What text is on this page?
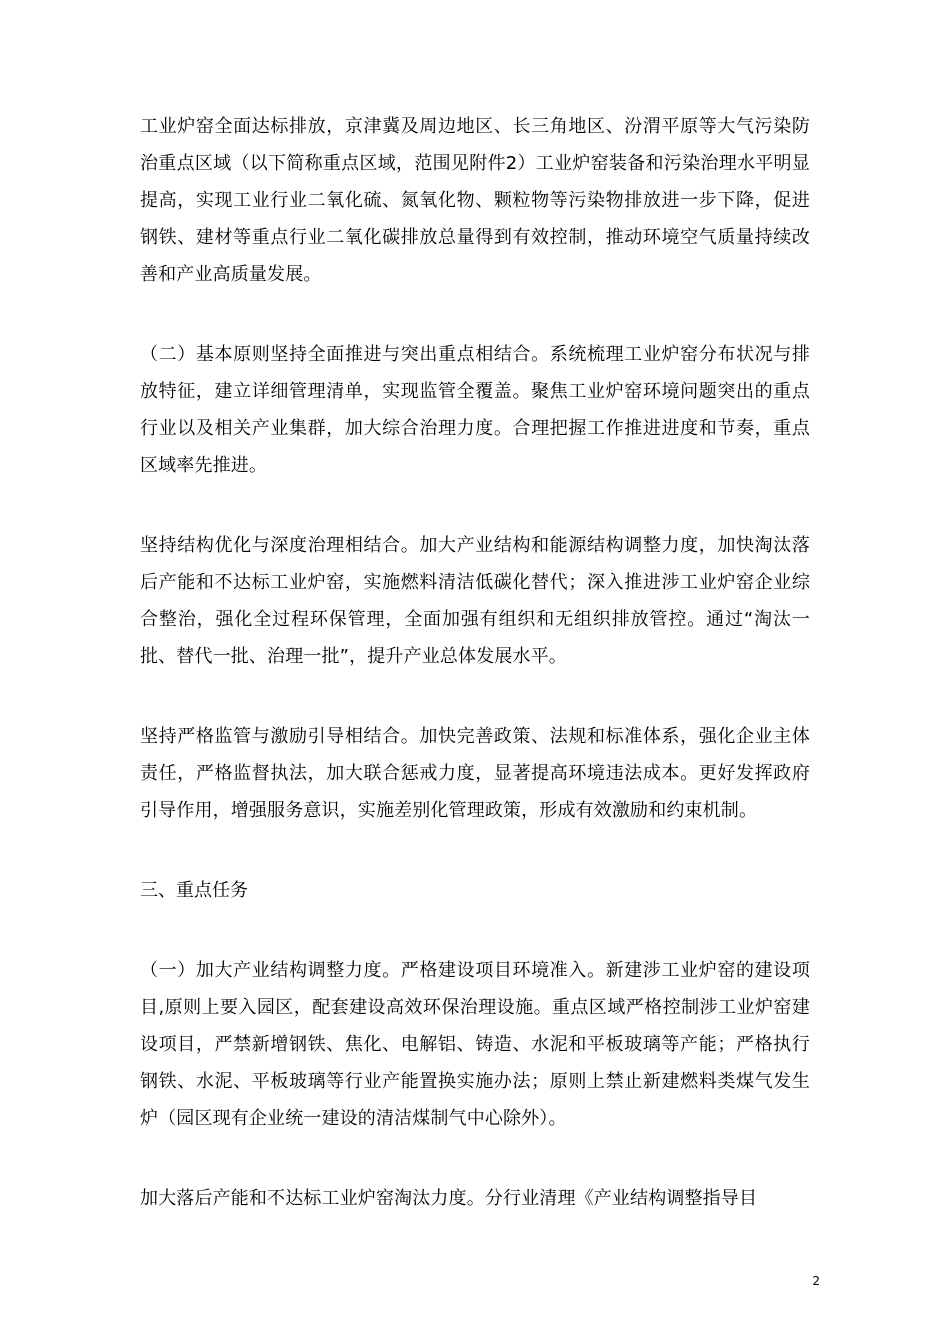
工业炉窑全面达标排放，京津冀及周边地区、长三角地区、汾渭平原等大气污染防治重点区域（以下简称重点区域，范围见附件2）工业炉窑装备和污染治理水平明显提高，实现工业行业二氧化硫、氮氧化物、颗粒物等污染物排放进一步下降，促进钢铁、建材等重点行业二氧化碳排放总量得到有效控制，推动环境空气质量持续改善和产业高质量发展。

（二）基本原则坚持全面推进与突出重点相结合。系统梳理工业炉窑分布状况与排放特征，建立详细管理清单，实现监管全覆盖。聚焦工业炉窑环境问题突出的重点行业以及相关产业集群，加大综合治理力度。合理把握工作推进进度和节奏，重点区域率先推进。

坚持结构优化与深度治理相结合。加大产业结构和能源结构调整力度，加快淘汰落后产能和不达标工业炉窑，实施燃料清洁低碳化替代；深入推进涉工业炉窑企业综合整治，强化全过程环保管理，全面加强有组织和无组织排放管控。通过“淘汰一批、替代一批、治理一批”，提升产业总体发展水平。

坚持严格监管与激励引导相结合。加快完善政策、法规和标准体系，强化企业主体责任，严格监督执法，加大联合惩戒力度，显著提高环境违法成本。更好发挥政府引导作用，增强服务意识，实施差别化管理政策，形成有效激励和约束机制。

三、重点任务

（一）加大产业结构调整力度。严格建设项目环境准入。新建涉工业炉窑的建设项目,原则上要入园区，配套建设高效环保治理设施。重点区域严格控制涉工业炉窑建设项目，严禁新增钢铁、焦化、电解铝、铸造、水泥和平板玻璃等产能；严格执行钢铁、水泥、平板玻璃等行业产能置换实施办法；原则上禁止新建燃料类煤气发生炉（园区现有企业统一建设的清洁煤制气中心除外）。

加大落后产能和不达标工业炉窑淘汰力度。分行业清理《产业结构调整指导目

2
